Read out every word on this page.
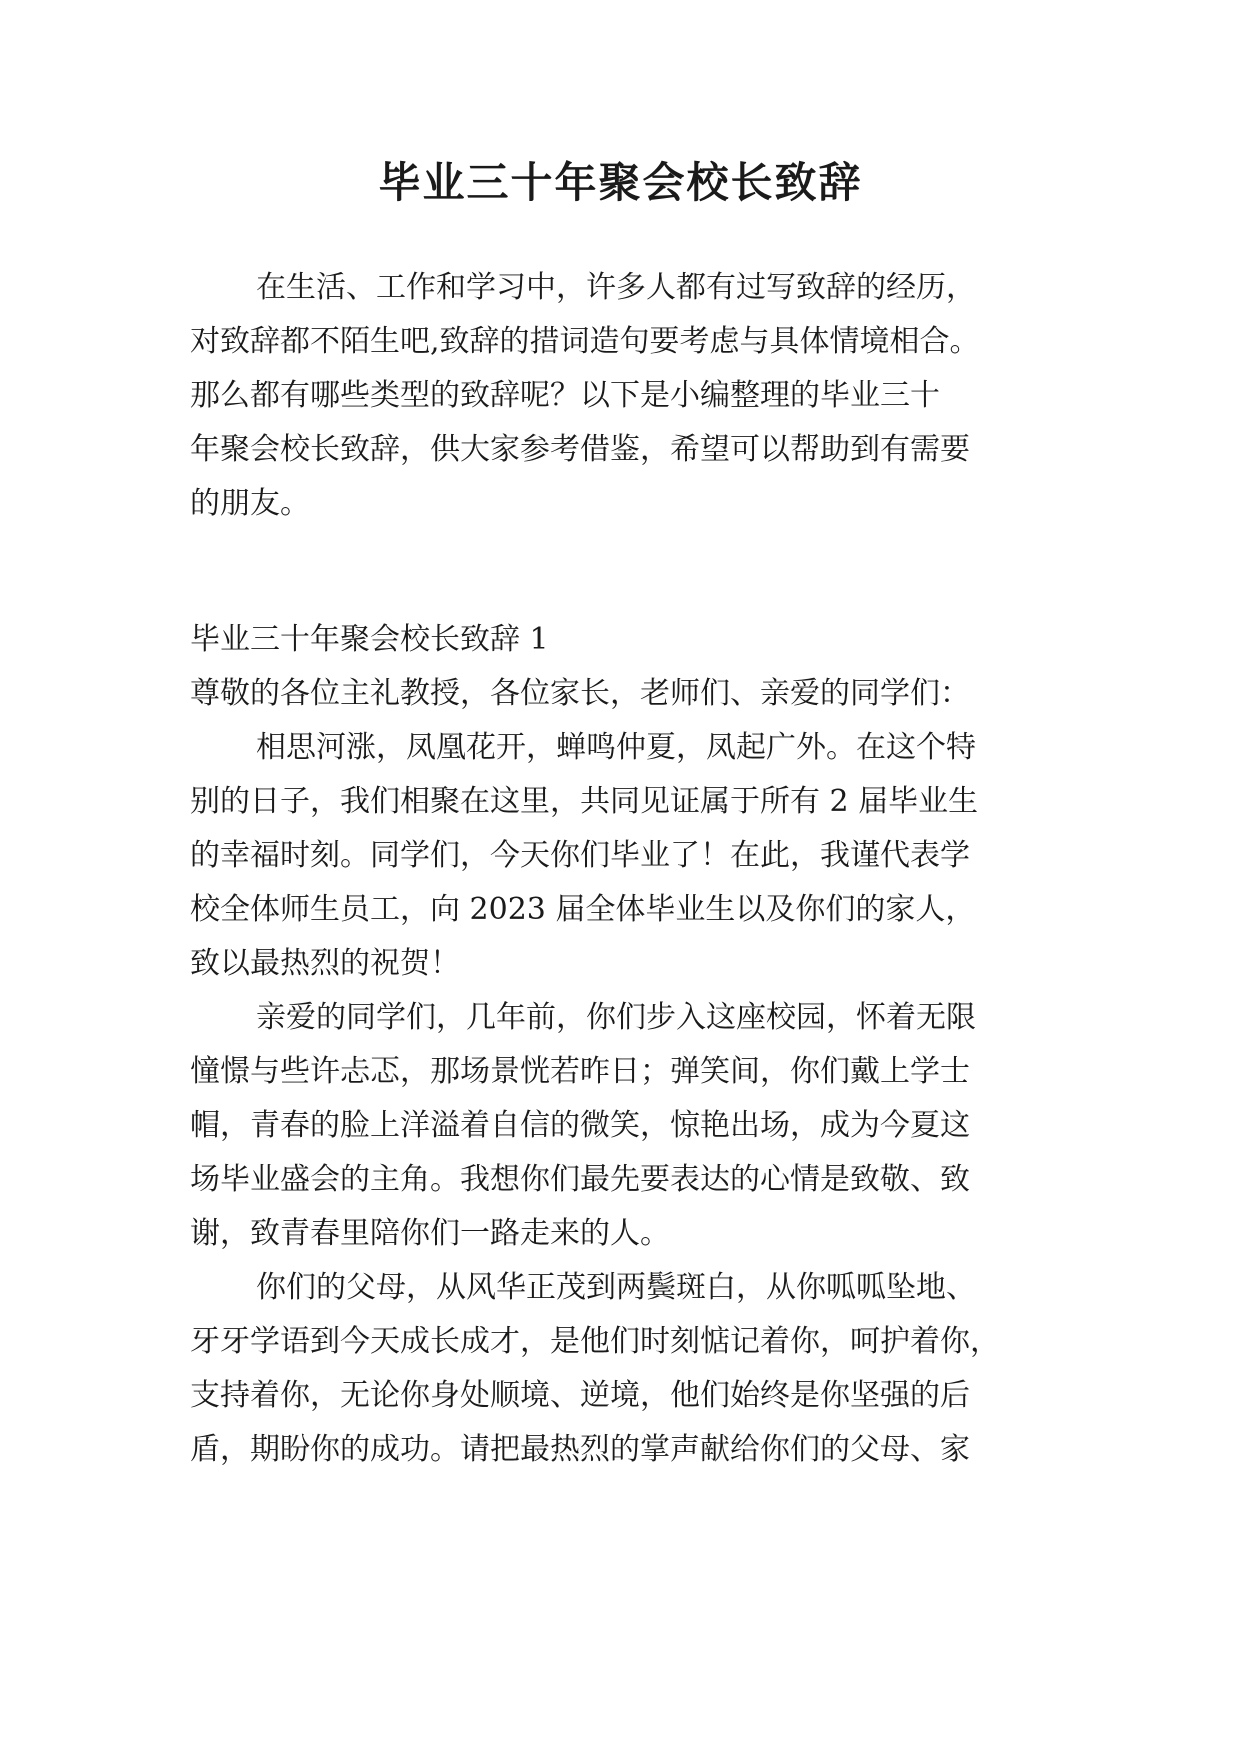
毕业三十年聚会校长致辞

在生活、工作和学习中，许多人都有过写致辞的经历，

对致辞都不陌生吧,致辞的措词造句要考虑与具体情境相合。

那么都有哪些类型的致辞呢？以下是小编整理的毕业三十

年聚会校长致辞，供大家参考借鉴，希望可以帮助到有需要

的朋友。

毕业三十年聚会校长致辞 1

尊敬的各位主礼教授，各位家长，老师们、亲爱的同学们：

相思河涨，凤凰花开，蝉鸣仲夏，凤起广外。在这个特

别的日子，我们相聚在这里，共同见证属于所有 2 届毕业生

的幸福时刻。同学们，今天你们毕业了！在此，我谨代表学

校全体师生员工，向 2023 届全体毕业生以及你们的家人，

致以最热烈的祝贺！

亲爱的同学们，几年前，你们步入这座校园，怀着无限

憧憬与些许忐忑，那场景恍若昨日；弹笑间，你们戴上学士

帽，青春的脸上洋溢着自信的微笑，惊艳出场，成为今夏这

场毕业盛会的主角。我想你们最先要表达的心情是致敬、致

谢，致青春里陪你们一路走来的人。

你们的父母，从风华正茂到两鬓斑白，从你呱呱坠地、

牙牙学语到今天成长成才，是他们时刻惦记着你，呵护着你，

支持着你，无论你身处顺境、逆境，他们始终是你坚强的后

盾，期盼你的成功。请把最热烈的掌声献给你们的父母、家
